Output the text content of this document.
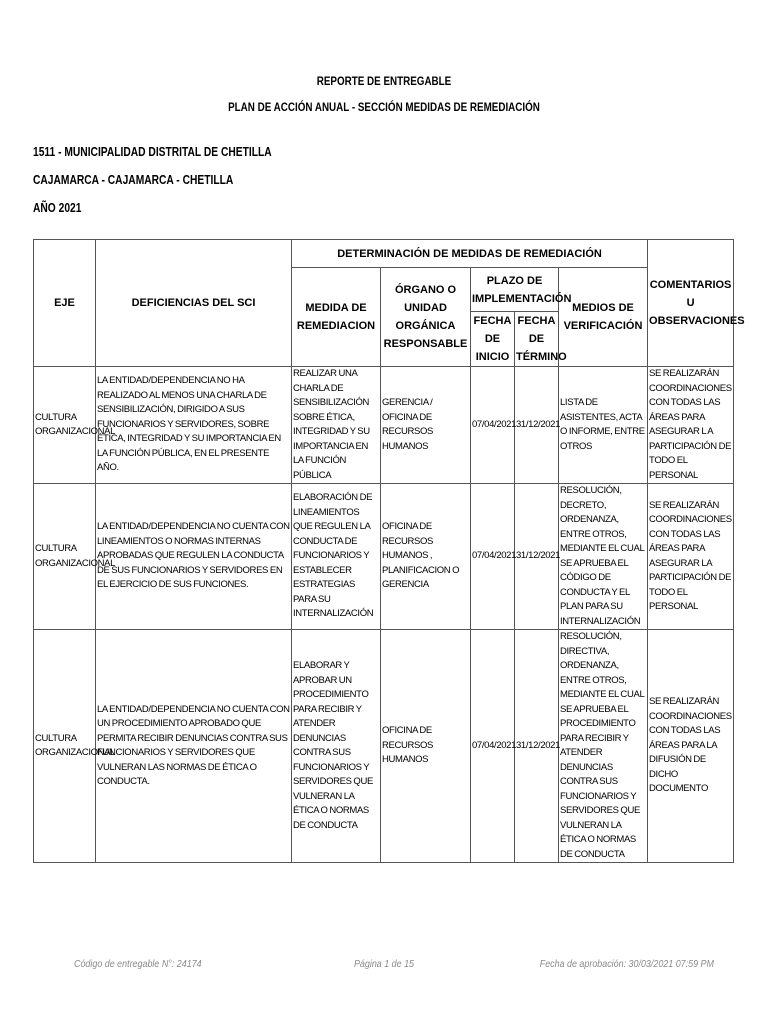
REPORTE DE ENTREGABLE
PLAN DE ACCIÓN ANUAL - SECCIÓN MEDIDAS DE REMEDIACIÓN
1511 - MUNICIPALIDAD DISTRITAL DE CHETILLA
CAJAMARCA - CAJAMARCA - CHETILLA
AÑO 2021
EJE	DEFICIENCIAS DEL SCI	DETERMINACIÓN DE MEDIDAS DE REMEDIACIÓN					COMENTARIOS U OBSERVACIONES

		MEDIDA DE REMEDIACION	ÓRGANO O UNIDAD ORGÁNICA RESPONSABLE	PLAZO DE IMPLEMENTACIÓN		MEDIOS DE VERIFICACIÓN	

				FECHA DE INICIO	FECHA DE TÉRMINO		

CULTURA ORGANIZACIONAL	LA ENTIDAD/DEPENDENCIA NO HA REALIZADO AL MENOS UNA CHARLA DE SENSIBILIZACIÓN, DIRIGIDO A SUS FUNCIONARIOS Y SERVIDORES, SOBRE ÉTICA, INTEGRIDAD Y SU IMPORTANCIA EN LA FUNCIÓN PÚBLICA, EN EL PRESENTE AÑO.	REALIZAR UNA CHARLA DE SENSIBILIZACIÓN SOBRE ÉTICA, INTEGRIDAD Y SU IMPORTANCIA EN LA FUNCIÓN PÚBLICA	GERENCIA / OFICINA DE RECURSOS HUMANOS	07/04/2021	31/12/2021	LISTA DE ASISTENTES, ACTA O INFORME, ENTRE OTROS	SE REALIZARÁN COORDINACIONES CON TODAS LAS ÁREAS PARA ASEGURAR L A PARTICIPACIÓN DE TODO EL PERSONAL

CULTURA ORGANIZACIONAL	LA ENTIDAD/DEPENDENCIA NO CUENTA CON LINEAMIENTOS O NORMAS INTERNAS APROBADAS QUE REGULEN LA CONDUCTA DE SUS FUNCIONARIOS Y SERVIDORES EN EL EJERCICIO DE SUS FUNCIONES.	ELABORACIÓN DE LINEAMIENTOS QUE REGULEN LA CONDUCTA DE FUNCIONARIOS Y ESTABLECER ESTRATEGIAS PARA SU INTERNALIZACIÓN	OFICINA DE RECURSOS HUMANOS , PLANIFICACION O GERENCIA	07/04/2021	31/12/2021	RESOLUCIÓN, DECRETO, ORDENANZA, ENTRE OTROS, MEDIANTE EL CUAL SE APRUEBA EL CÓDIGO DE CONDUCTA Y EL PLAN PARA SU INTERNALIZACIÓN	SE REALIZARÁN COORDINACIONES CON TODAS LAS ÁREAS PARA ASEGURAR LA PARTICIPACIÓN DE TODO EL PERSONAL

CULTURA ORGANIZACIONAL	LA ENTIDAD/DEPENDENCIA NO CUENTA CON UN PROCEDIMIENTO APROBADO QUE PERMITA RECIBIR DENUNCIAS CONTRA SUS FUNCIONARIOS Y SERVIDORES QUE VULNERAN LAS NORMAS DE ÉTICA O CONDUCTA.	ELABORAR Y APROBAR UN PROCEDIMIENTO PARA RECIBIR Y ATENDER DENUNCIAS CONTRA SUS FUNCIONARIOS Y SERVIDORES QUE VULNERAN LA ÉTICA O NORMAS DE CONDUCTA	OFICINA DE RECURSOS HUMANOS	07/04/2021	31/12/2021	RESOLUCIÓN, DIRECTIVA, ORDENANZA, ENTRE OTROS, MEDIANTE EL CUAL SE APRUEBA EL PROCEDIMIENTO PARA RECIBIR Y ATENDER DENUNCIAS CONTRA SUS FUNCIONARIOS Y SERVIDORES QUE VULNERAN LA ÉTICA O NORMAS DE CONDUCTA	SE REALIZARÁN COORDINACIONES CON TODAS LAS ÁREAS PARA LA DIFUSIÓN DE DICHO DOCUMENTO
Código de entregable N°: 24174	Página 1 de 15	Fecha de aprobación: 30/03/2021 07:59 PM
